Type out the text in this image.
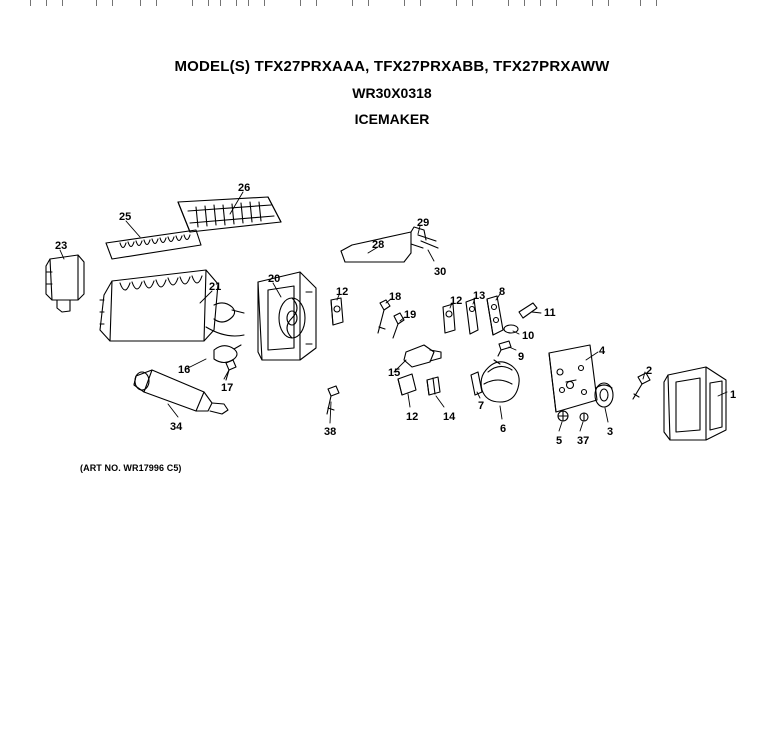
MODEL(S) TFX27PRXAAA, TFX27PRXABB, TFX27PRXAWW
WR30X0318
ICEMAKER
(ART NO. WR17996 C5)
1
2
3
4
5
6
7
8
9
10
11
12
12
12
13
14
15
16
17
18
19
20
21
23
25
26
28
29
30
34
37
38
